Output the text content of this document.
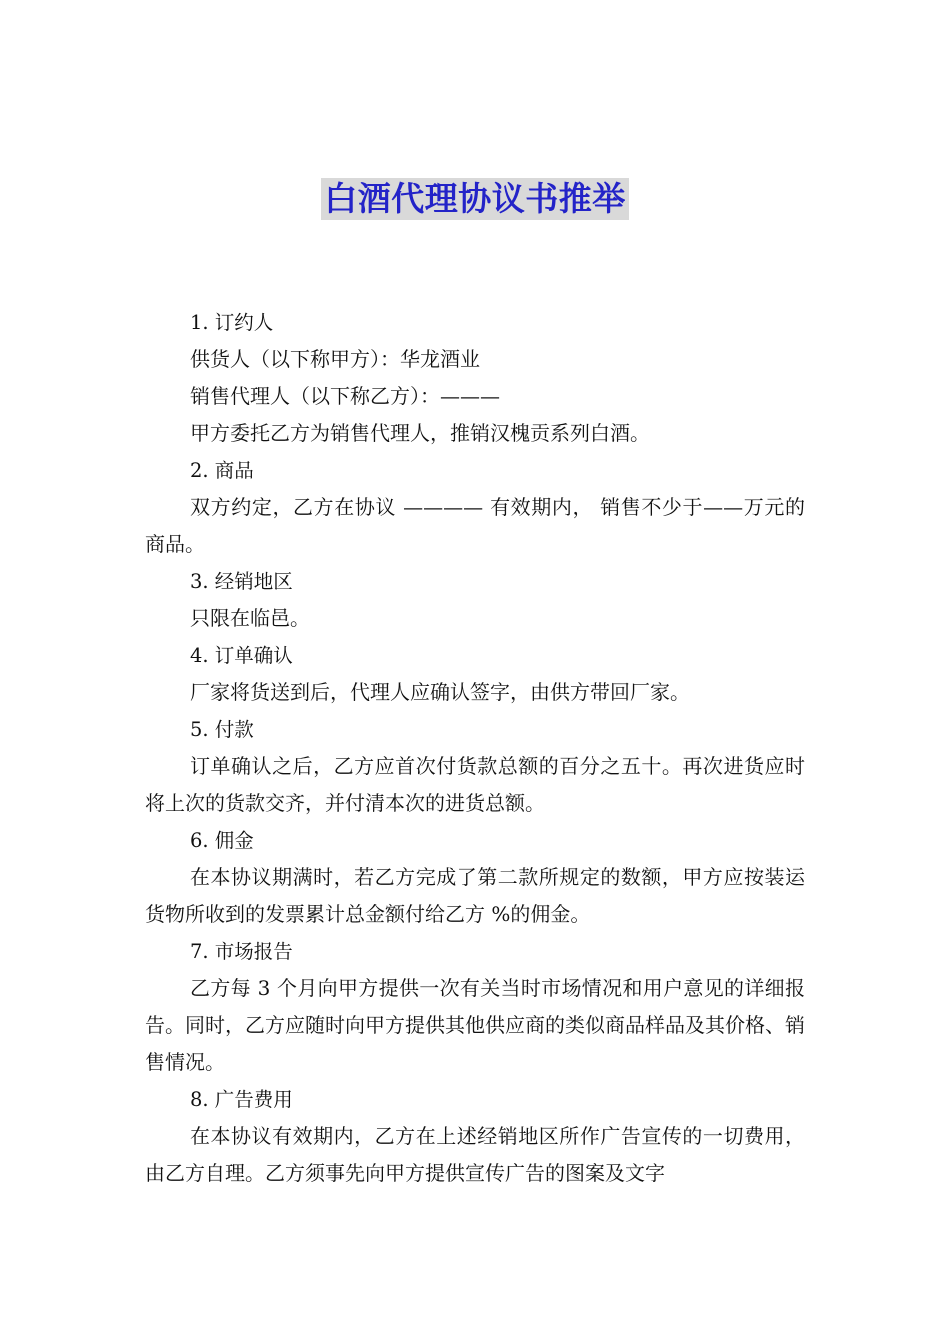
白酒代理协议书推举

1. 订约人

供货人（以下称甲方）：华龙酒业

销售代理人（以下称乙方）：———

甲方委托乙方为销售代理人，推销汉槐贡系列白酒。

2. 商品

双方约定，乙方在协议 ———— 有效期内， 销售不少于——万元的商品。

3. 经销地区

只限在临邑。

4. 订单确认

厂家将货送到后，代理人应确认签字，由供方带回厂家。

5. 付款

订单确认之后，乙方应首次付货款总额的百分之五十。再次进货应时将上次的货款交齐，并付清本次的进货总额。

6. 佣金

在本协议期满时，若乙方完成了第二款所规定的数额，甲方应按装运货物所收到的发票累计总金额付给乙方 %的佣金。

7. 市场报告

乙方每 3 个月向甲方提供一次有关当时市场情况和用户意见的详细报告。同时，乙方应随时向甲方提供其他供应商的类似商品样品及其价格、销售情况。

8. 广告费用

在本协议有效期内，乙方在上述经销地区所作广告宣传的一切费用，由乙方自理。乙方须事先向甲方提供宣传广告的图案及文字
